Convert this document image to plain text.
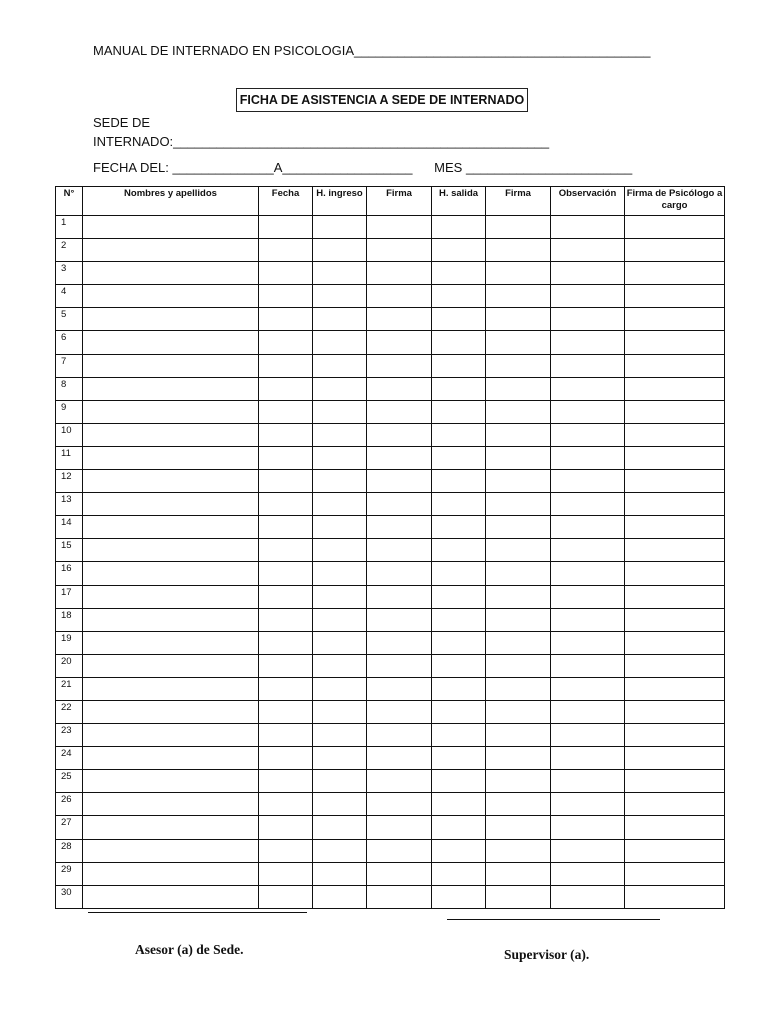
MANUAL DE INTERNADO EN PSICOLOGIA_________________________________________
FICHA DE ASISTENCIA A SEDE DE INTERNADO
SEDE DE
INTERNADO:____________________________________________________
FECHA DEL: ______________A__________________ MES _______________________
N°	Nombres y apellidos	Fecha	H. ingreso	Firma	H. salida	Firma	Observación	Firma de Psicólogo a cargo
1								
2								
3								
4								
5								
6								
7								
8								
9								
10								
11								
12								
13								
14								
15								
16								
17								
18								
19								
20								
21								
22								
23								
24								
25								
26								
27								
28								
29								
30								
Asesor (a) de Sede.	Supervisor (a).
